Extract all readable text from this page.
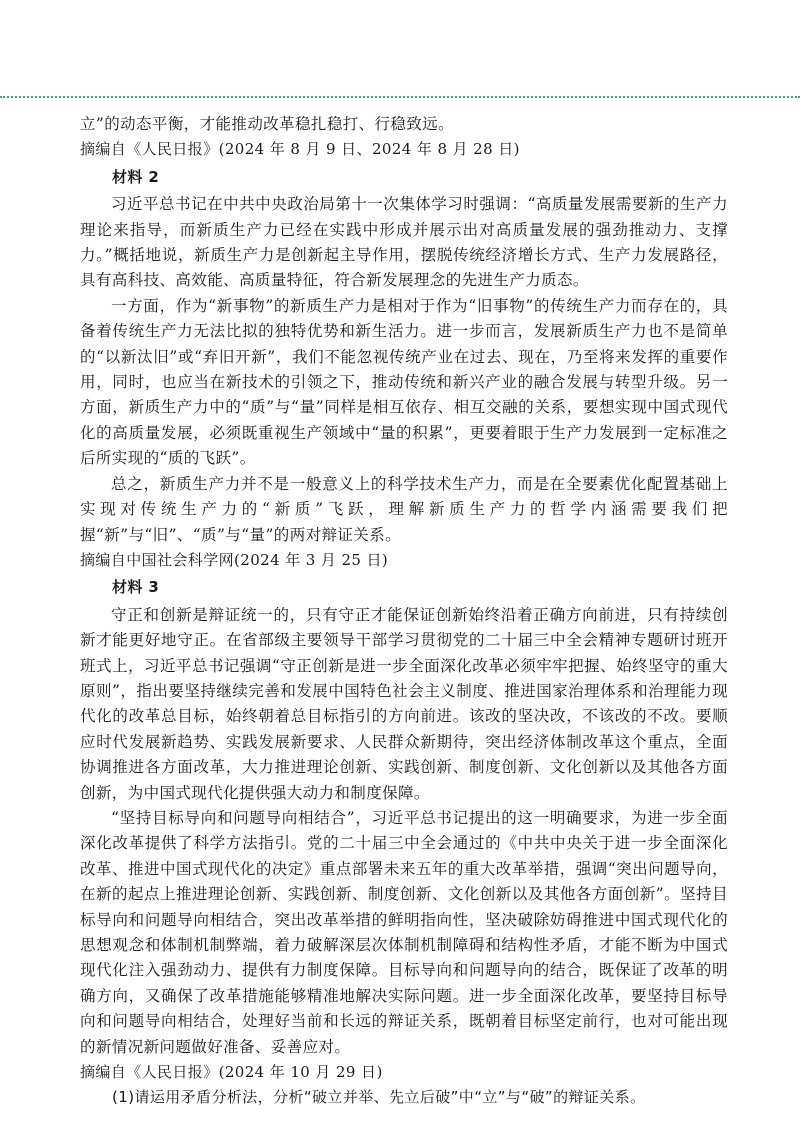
立”的动态平衡，才能推动改革稳扎稳打、行稳致远。

摘编自《人民日报》(2024 年 8 月 9 日、2024 年 8 月 28 日)

材料 2

习近平总书记在中共中央政治局第十一次集体学习时强调：“高质量发展需要新的生产力理论来指导，而新质生产力已经在实践中形成并展示出对高质量发展的强劲推动力、支撑力。”概括地说，新质生产力是创新起主导作用，摆脱传统经济增长方式、生产力发展路径，具有高科技、高效能、高质量特征，符合新发展理念的先进生产力质态。

一方面，作为“新事物”的新质生产力是相对于作为“旧事物”的传统生产力而存在的，具备着传统生产力无法比拟的独特优势和新生活力。进一步而言，发展新质生产力也不是简单的“以新汰旧”或“弃旧开新”，我们不能忽视传统产业在过去、现在，乃至将来发挥的重要作用，同时，也应当在新技术的引领之下，推动传统和新兴产业的融合发展与转型升级。另一方面，新质生产力中的“质”与“量”同样是相互依存、相互交融的关系，要想实现中国式现代化的高质量发展，必须既重视生产领域中“量的积累”，更要着眼于生产力发展到一定标准之后所实现的“质的飞跃”。

总之，新质生产力并不是一般意义上的科学技术生产力，而是在全要素优化配置基础上实现对传统生产力的“新质”飞跃，理解新质生产力的哲学内涵需要我们把握“新”与“旧”、“质”与“量”的两对辩证关系。

摘编自中国社会科学网(2024 年 3 月 25 日)

材料 3

守正和创新是辩证统一的，只有守正才能保证创新始终沿着正确方向前进，只有持续创新才能更好地守正。在省部级主要领导干部学习贯彻党的二十届三中全会精神专题研讨班开班式上，习近平总书记强调“守正创新是进一步全面深化改革必须牢牢把握、始终坚守的重大原则”，指出要坚持继续完善和发展中国特色社会主义制度、推进国家治理体系和治理能力现代化的改革总目标，始终朝着总目标指引的方向前进。该改的坚决改，不该改的不改。要顺应时代发展新趋势、实践发展新要求、人民群众新期待，突出经济体制改革这个重点，全面协调推进各方面改革，大力推进理论创新、实践创新、制度创新、文化创新以及其他各方面创新，为中国式现代化提供强大动力和制度保障。

“坚持目标导向和问题导向相结合”，习近平总书记提出的这一明确要求，为进一步全面深化改革提供了科学方法指引。党的二十届三中全会通过的《中共中央关于进一步全面深化改革、推进中国式现代化的决定》重点部署未来五年的重大改革举措，强调“突出问题导向，在新的起点上推进理论创新、实践创新、制度创新、文化创新以及其他各方面创新”。坚持目标导向和问题导向相结合，突出改革举措的鲜明指向性，坚决破除妨碍推进中国式现代化的思想观念和体制机制弊端，着力破解深层次体制机制障碍和结构性矛盾，才能不断为中国式现代化注入强劲动力、提供有力制度保障。目标导向和问题导向的结合，既保证了改革的明确方向，又确保了改革措施能够精准地解决实际问题。进一步全面深化改革，要坚持目标导向和问题导向相结合，处理好当前和长远的辩证关系，既朝着目标坚定前行，也对可能出现的新情况新问题做好准备、妥善应对。

摘编自《人民日报》(2024 年 10 月 29 日)

(1)请运用矛盾分析法，分析“破立并举、先立后破”中“立”与“破”的辩证关系。
